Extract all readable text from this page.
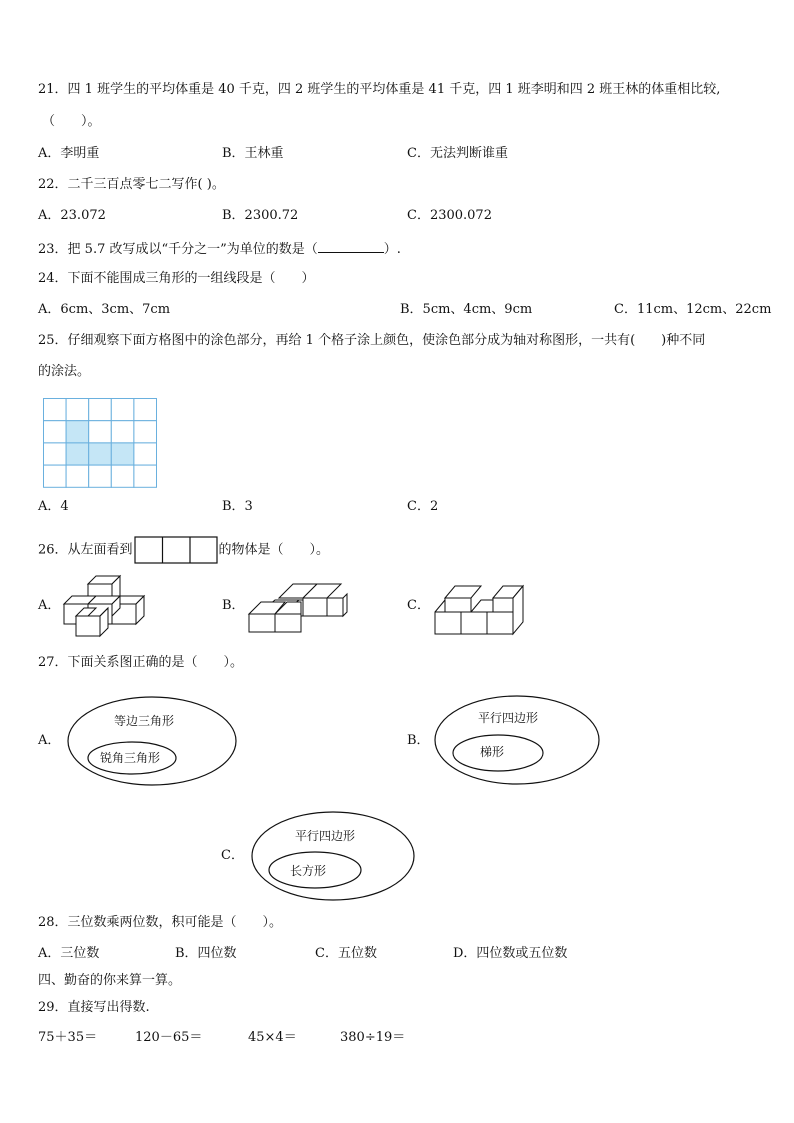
21．四 1 班学生的平均体重是 40 千克，四 2 班学生的平均体重是 41 千克，四 1 班李明和四 2 班王林的体重相比较,
（　　）。
A．李明重	B．王林重	C．无法判断谁重
22．二千三百点零七二写作( )。
A．23.072	B．2300.72	C．2300.072
23．把 5.7 改写成以“千分之一”为单位的数是（	）.
24．下面不能围成三角形的一组线段是（　　）
A．6cm、3cm、7cm	B．5cm、4cm、9cm	C．11cm、12cm、22cm
25．仔细观察下面方格图中的涂色部分，再给 1 个格子涂上颜色，使涂色部分成为轴对称图形，一共有(　　)种不同
的涂法。
A．4	B．3	C．2
26．从左面看到	的物体是（　　）。
A．	B．	C．
27．下面关系图正确的是（　　）。
A．
等边三角形
锐角三角形
B．
平行四边形
梯形
C．
平行四边形
长方形
28．三位数乘两位数，积可能是（　　）。
A．三位数	B．四位数	C．五位数	D．四位数或五位数
四、勤奋的你来算一算。
29．直接写出得数.
75＋35＝	120－65＝	45×4＝	380÷19＝
